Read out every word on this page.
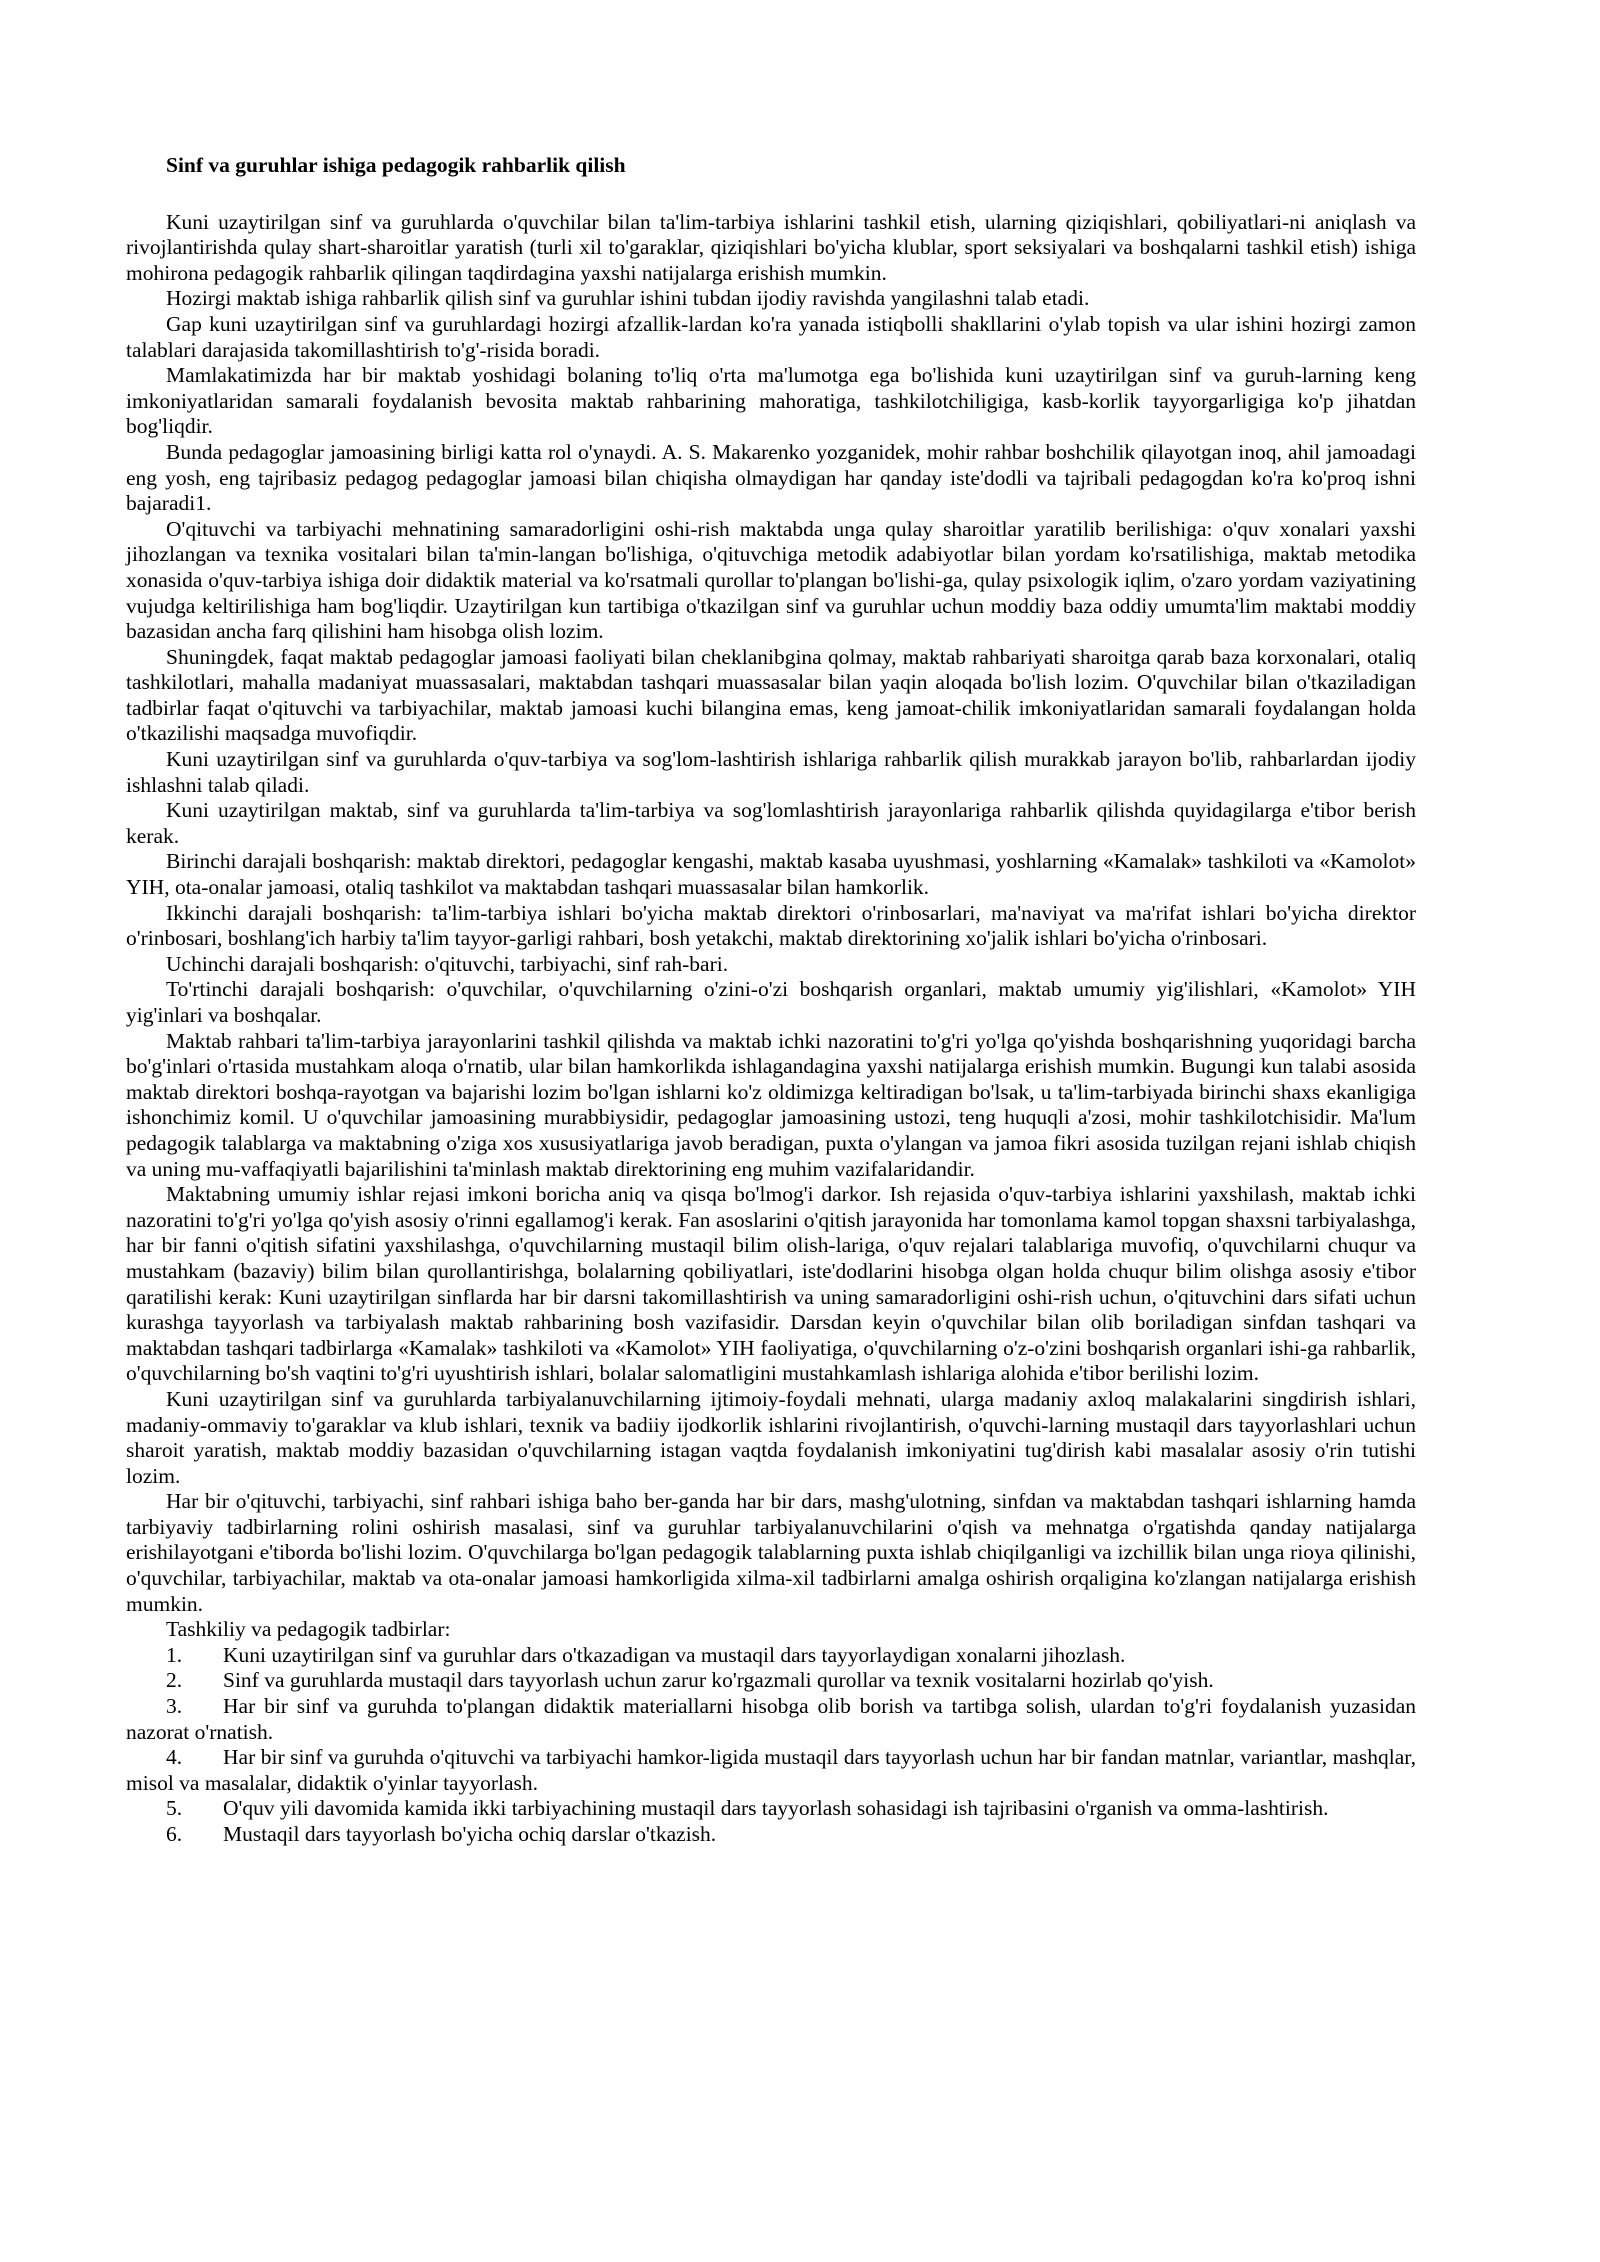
Sinf va guruhlar ishiga pedagogik rahbarlik qilish

Kuni uzaytirilgan sinf va guruhlarda o'quvchilar bilan ta'lim-tarbiya ishlarini tashkil etish, ularning qiziqishlari, qobiliyatlari-ni aniqlash va rivojlantirishda qulay shart-sharoitlar yaratish (turli xil to'garaklar, qiziqishlari bo'yicha klublar, sport seksiyalari va boshqalarni tashkil etish) ishiga mohirona pedagogik rahbarlik qilingan taqdirdagina yaxshi natijalarga erishish mumkin.

Hozirgi maktab ishiga rahbarlik qilish sinf va guruhlar ishini tubdan ijodiy ravishda yangilashni talab etadi.

Gap kuni uzaytirilgan sinf va guruhlardagi hozirgi afzallik-lardan ko'ra yanada istiqbolli shakllarini o'ylab topish va ular ishini hozirgi zamon talablari darajasida takomillashtirish to'g'-risida boradi.

Mamlakatimizda har bir maktab yoshidagi bolaning to'liq o'rta ma'lumotga ega bo'lishida kuni uzaytirilgan sinf va guruh-larning keng imkoniyatlaridan samarali foydalanish bevosita maktab rahbarining mahoratiga, tashkilotchiligiga, kasb-korlik tayyorgarligiga ko'p jihatdan bog'liqdir.

Bunda pedagoglar jamoasining birligi katta rol o'ynaydi. A. S. Makarenko yozganidek, mohir rahbar boshchilik qilayotgan inoq, ahil jamoadagi eng yosh, eng tajribasiz pedagog pedagoglar jamoasi bilan chiqisha olmaydigan har qanday iste'dodli va tajribali pedagogdan ko'ra ko'proq ishni bajaradi1.

O'qituvchi va tarbiyachi mehnatining samaradorligini oshi-rish maktabda unga qulay sharoitlar yaratilib berilishiga: o'quv xonalari yaxshi jihozlangan va texnika vositalari bilan ta'min-langan bo'lishiga, o'qituvchiga metodik adabiyotlar bilan yordam ko'rsatilishiga, maktab metodika xonasida o'quv-tarbiya ishiga doir didaktik material va ko'rsatmali qurollar to'plangan bo'lishi-ga, qulay psixologik iqlim, o'zaro yordam vaziyatining vujudga keltirilishiga ham bog'liqdir. Uzaytirilgan kun tartibiga o'tkazilgan sinf va guruhlar uchun moddiy baza oddiy umumta'lim maktabi moddiy bazasidan ancha farq qilishini ham hisobga olish lozim.

Shuningdek, faqat maktab pedagoglar jamoasi faoliyati bilan cheklanibgina qolmay, maktab rahbariyati sharoitga qarab baza korxonalari, otaliq tashkilotlari, mahalla madaniyat muassasalari, maktabdan tashqari muassasalar bilan yaqin aloqada bo'lish lozim. O'quvchilar bilan o'tkaziladigan tadbirlar faqat o'qituvchi va tarbiyachilar, maktab jamoasi kuchi bilangina emas, keng jamoat-chilik imkoniyatlaridan samarali foydalangan holda o'tkazilishi maqsadga muvofiqdir.

Kuni uzaytirilgan sinf va guruhlarda o'quv-tarbiya va sog'lom-lashtirish ishlariga rahbarlik qilish murakkab jarayon bo'lib, rahbarlardan ijodiy ishlashni talab qiladi.

Kuni uzaytirilgan maktab, sinf va guruhlarda ta'lim-tarbiya va sog'lomlashtirish jarayonlariga rahbarlik qilishda quyidagilarga e'tibor berish kerak.

Birinchi darajali boshqarish: maktab direktori, pedagoglar kengashi, maktab kasaba uyushmasi, yoshlarning «Kamalak» tashkiloti va «Kamolot» YIH, ota-onalar jamoasi, otaliq tashkilot va maktabdan tashqari muassasalar bilan hamkorlik.

Ikkinchi darajali boshqarish: ta'lim-tarbiya ishlari bo'yicha maktab direktori o'rinbosarlari, ma'naviyat va ma'rifat ishlari bo'yicha direktor o'rinbosari, boshlang'ich harbiy ta'lim tayyor-garligi rahbari, bosh yetakchi, maktab direktorining xo'jalik ishlari bo'yicha o'rinbosari.

Uchinchi darajali boshqarish: o'qituvchi, tarbiyachi, sinf rah-bari.

To'rtinchi darajali boshqarish: o'quvchilar, o'quvchilarning o'zini-o'zi boshqarish organlari, maktab umumiy yig'ilishlari, «Kamolot» YIH yig'inlari va boshqalar.

Maktab rahbari ta'lim-tarbiya jarayonlarini tashkil qilishda va maktab ichki nazoratini to'g'ri yo'lga qo'yishda boshqarishning yuqoridagi barcha bo'g'inlari o'rtasida mustahkam aloqa o'rnatib, ular bilan hamkorlikda ishlagandagina yaxshi natijalarga erishish mumkin. Bugungi kun talabi asosida maktab direktori boshqa-rayotgan va bajarishi lozim bo'lgan ishlarni ko'z oldimizga keltiradigan bo'lsak, u ta'lim-tarbiyada birinchi shaxs ekanligiga ishonchimiz komil. U o'quvchilar jamoasining murabbiysidir, pedagoglar jamoasining ustozi, teng huquqli a'zosi, mohir tashkilotchisidir. Ma'lum pedagogik talablarga va maktabning o'ziga xos xususiyatlariga javob beradigan, puxta o'ylangan va jamoa fikri asosida tuzilgan rejani ishlab chiqish va uning mu-vaffaqiyatli bajarilishini ta'minlash maktab direktorining eng muhim vazifalaridandir.

Maktabning umumiy ishlar rejasi imkoni boricha aniq va qisqa bo'lmog'i darkor. Ish rejasida o'quv-tarbiya ishlarini yaxshilash, maktab ichki nazoratini to'g'ri yo'lga qo'yish asosiy o'rinni egallamog'i kerak. Fan asoslarini o'qitish jarayonida har tomonlama kamol topgan shaxsni tarbiyalashga, har bir fanni o'qitish sifatini yaxshilashga, o'quvchilarning mustaqil bilim olish-lariga, o'quv rejalari talablariga muvofiq, o'quvchilarni chuqur va mustahkam (bazaviy) bilim bilan qurollantirishga, bolalarning qobiliyatlari, iste'dodlarini hisobga olgan holda chuqur bilim olishga asosiy e'tibor qaratilishi kerak: Kuni uzaytirilgan sinflarda har bir darsni takomillashtirish va uning samaradorligini oshi-rish uchun, o'qituvchini dars sifati uchun kurashga tayyorlash va tarbiyalash maktab rahbarining bosh vazifasidir. Darsdan keyin o'quvchilar bilan olib boriladigan sinfdan tashqari va maktabdan tashqari tadbirlarga «Kamalak» tashkiloti va «Kamolot» YIH faoliyatiga, o'quvchilarning o'z-o'zini boshqarish organlari ishi-ga rahbarlik, o'quvchilarning bo'sh vaqtini to'g'ri uyushtirish ishlari, bolalar salomatligini mustahkamlash ishlariga alohida e'tibor berilishi lozim.

Kuni uzaytirilgan sinf va guruhlarda tarbiyalanuvchilarning ijtimoiy-foydali mehnati, ularga madaniy axloq malakalarini singdirish ishlari, madaniy-ommaviy to'garaklar va klub ishlari, texnik va badiiy ijodkorlik ishlarini rivojlantirish, o'quvchi-larning mustaqil dars tayyorlashlari uchun sharoit yaratish, maktab moddiy bazasidan o'quvchilarning istagan vaqtda foydalanish imkoniyatini tug'dirish kabi masalalar asosiy o'rin tutishi lozim.

Har bir o'qituvchi, tarbiyachi, sinf rahbari ishiga baho ber-ganda har bir dars, mashg'ulotning, sinfdan va maktabdan tashqari ishlarning hamda tarbiyaviy tadbirlarning rolini oshirish masalasi, sinf va guruhlar tarbiyalanuvchilarini o'qish va mehnatga o'rgatishda qanday natijalarga erishilayotgani e'tiborda bo'lishi lozim. O'quvchilarga bo'lgan pedagogik talablarning puxta ishlab chiqilganligi va izchillik bilan unga rioya qilinishi, o'quvchilar, tarbiyachilar, maktab va ota-onalar jamoasi hamkorligida xilma-xil tadbirlarni amalga oshirish orqaligina ko'zlangan natijalarga erishish mumkin.

Tashkiliy va pedagogik tadbirlar:

1. Kuni uzaytirilgan sinf va guruhlar dars o'tkazadigan va mustaqil dars tayyorlaydigan xonalarni jihozlash.

2. Sinf va guruhlarda mustaqil dars tayyorlash uchun zarur ko'rgazmali qurollar va texnik vositalarni hozirlab qo'yish.

3. Har bir sinf va guruhda to'plangan didaktik materiallarni hisobga olib borish va tartibga solish, ulardan to'g'ri foydalanish yuzasidan nazorat o'rnatish.

4. Har bir sinf va guruhda o'qituvchi va tarbiyachi hamkor-ligida mustaqil dars tayyorlash uchun har bir fandan matnlar, variantlar, mashqlar, misol va masalalar, didaktik o'yinlar tayyorlash.

5. O'quv yili davomida kamida ikki tarbiyachining mustaqil dars tayyorlash sohasidagi ish tajribasini o'rganish va omma-lashtirish.

6. Mustaqil dars tayyorlash bo'yicha ochiq darslar o'tkazish.
